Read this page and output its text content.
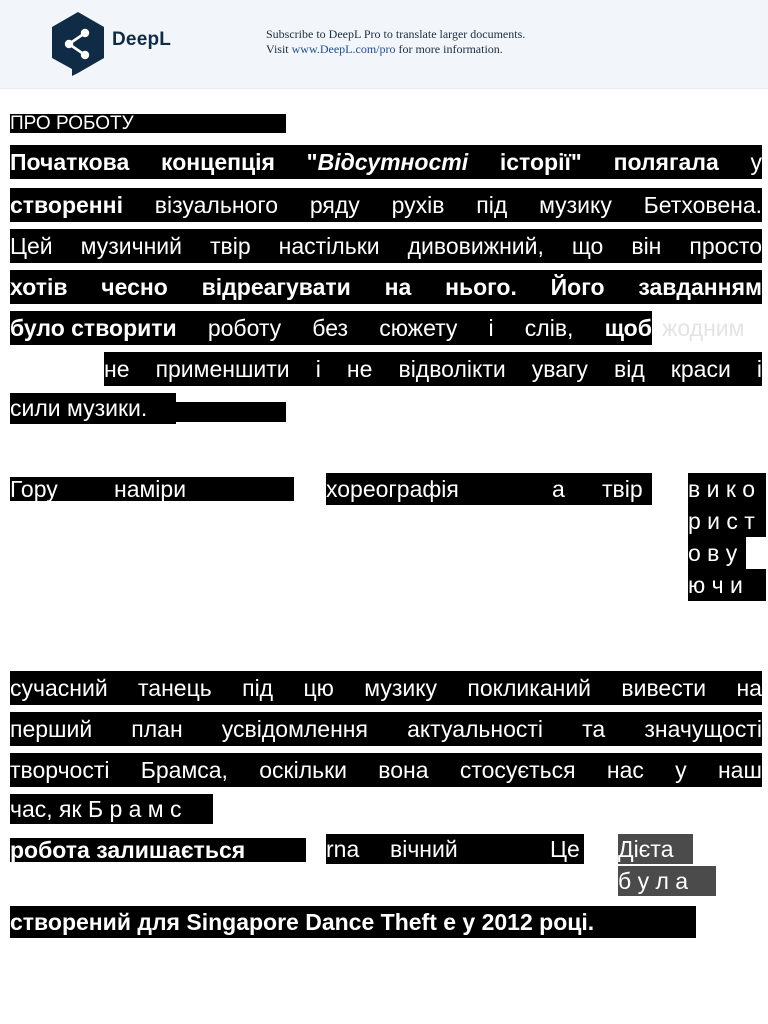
DeepL	Subscribe to DeepL Pro to translate larger documents.
Visit www.DeepL.com/pro for more information.
ПРО РОБОТУ
Початкова концепція "Відсутності історії" полягала у
створенні візуального ряду рухів під музику Бетховена.
Цей музичний твір настільки дивовижний, що він просто
хотів чесно відреагувати на нього. Його завданням
було створити роботу без сюжету і слів, щоб жодним
не применшити і не відволікти увагу від краси і
сили музики.
Гору наміри	хореографія	а твір в и к о
р и с т
о в у
ю ч и
сучасний танець під цю музику покликаний вивести на
перший план усвідомлення актуальності та значущості
творчості Брамса, оскільки вона стосується нас у наш
час, як Б р а м с
робота залишається	rna вічний	Це Дієта
б у л а
створений для Singapore Dance Theft e у 2012 році.
